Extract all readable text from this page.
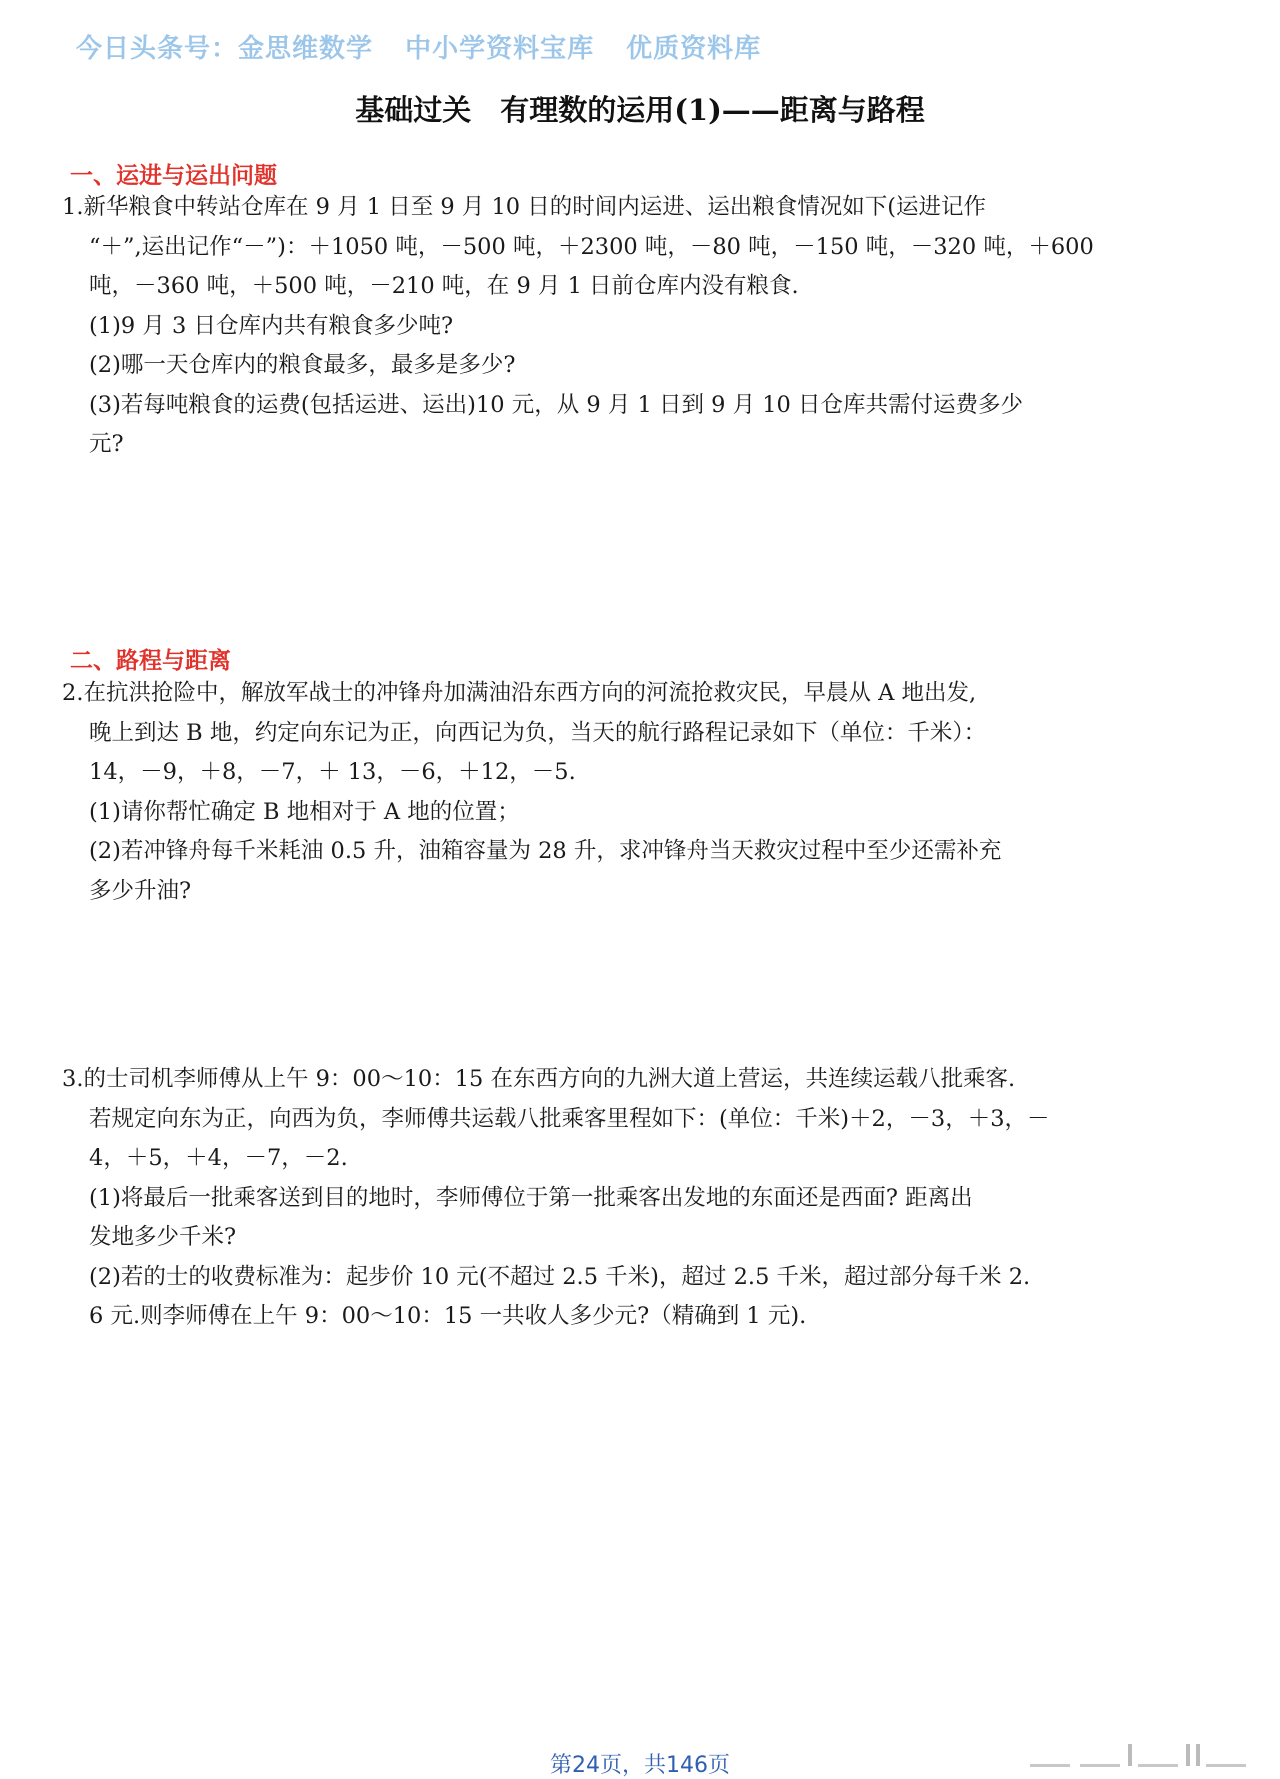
今日头条号：金思维数学 中小学资料宝库 优质资料库
基础过关　有理数的运用(1)——距离与路程
一、运进与运出问题
1.新华粮食中转站仓库在 9 月 1 日至 9 月 10 日的时间内运进、运出粮食情况如下(运进记作
“＋”,运出记作“－”)：＋1050 吨，－500 吨，＋2300 吨，－80 吨，－150 吨，－320 吨，＋600
吨，－360 吨，＋500 吨，－210 吨，在 9 月 1 日前仓库内没有粮食.
(1)9 月 3 日仓库内共有粮食多少吨?
(2)哪一天仓库内的粮食最多，最多是多少?
(3)若每吨粮食的运费(包括运进、运出)10 元，从 9 月 1 日到 9 月 10 日仓库共需付运费多少
元?
二、路程与距离
2.在抗洪抢险中，解放军战士的冲锋舟加满油沿东西方向的河流抢救灾民，早晨从 A 地出发,
晚上到达 B 地，约定向东记为正，向西记为负，当天的航行路程记录如下（单位：千米）：
14，－9，＋8，－7，＋ 13，－6，＋12，－5.
(1)请你帮忙确定 B 地相对于 A 地的位置；
(2)若冲锋舟每千米耗油 0.5 升，油箱容量为 28 升，求冲锋舟当天救灾过程中至少还需补充
多少升油?
3.的士司机李师傅从上午 9：00～10：15 在东西方向的九洲大道上营运，共连续运载八批乘客.
若规定向东为正，向西为负，李师傅共运载八批乘客里程如下：(单位：千米)＋2，－3，＋3，－
4，＋5，＋4，－7，－2.
(1)将最后一批乘客送到目的地时，李师傅位于第一批乘客出发地的东面还是西面? 距离出
发地多少千米?
(2)若的士的收费标准为：起步价 10 元(不超过 2.5 千米)，超过 2.5 千米，超过部分每千米 2.
6 元.则李师傅在上午 9：00～10：15 一共收人多少元?（精确到 1 元).
第24页，共146页
